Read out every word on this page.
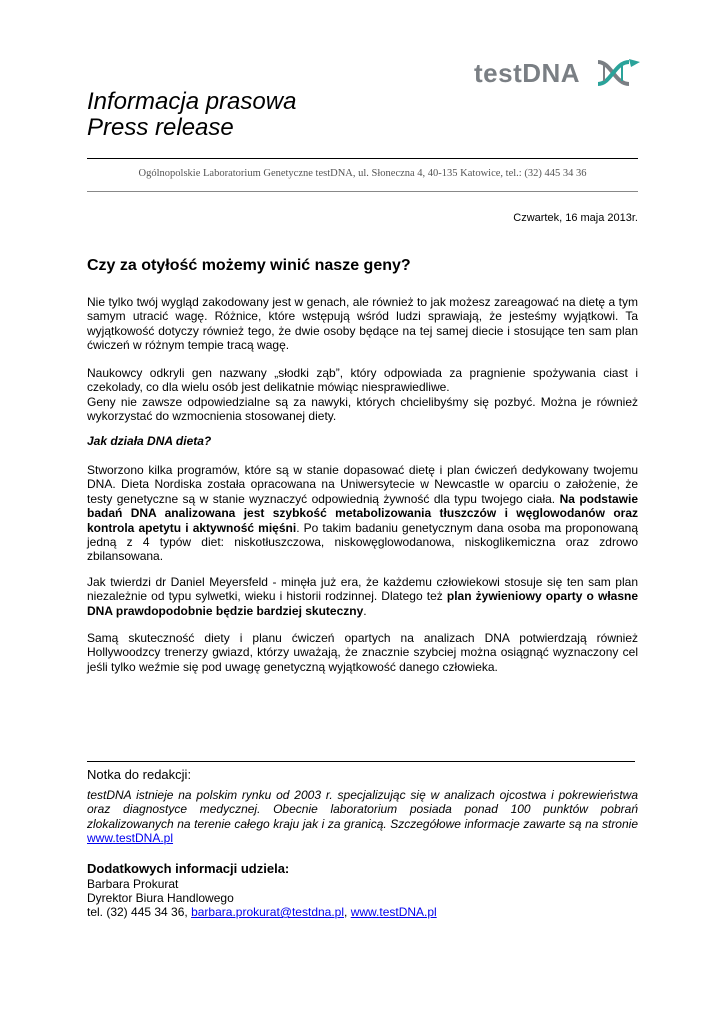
testDNA
Informacja prasowa
Press release
Ogólnopolskie Laboratorium Genetyczne testDNA, ul. Słoneczna 4, 40-135 Katowice, tel.: (32) 445 34 36
Czwartek, 16 maja 2013r.
Czy za otyłość możemy winić nasze geny?

Nie tylko twój wygląd zakodowany jest w genach, ale również to jak możesz zareagować na dietę a tym samym utracić wagę. Różnice, które wstępują wśród ludzi sprawiają, że jesteśmy wyjątkowi. Ta wyjątkowość dotyczy również tego, że dwie osoby będące na tej samej diecie i stosujące ten sam plan ćwiczeń w różnym tempie tracą wagę.

Naukowcy odkryli gen nazwany „słodki ząb”, który odpowiada za pragnienie spożywania ciast i czekolady, co dla wielu osób jest delikatnie mówiąc niesprawiedliwe.

Geny nie zawsze odpowiedzialne są za nawyki, których chcielibyśmy się pozbyć. Można je również wykorzystać do wzmocnienia stosowanej diety.

Jak działa DNA dieta?

Stworzono kilka programów, które są w stanie dopasować dietę i plan ćwiczeń dedykowany twojemu DNA. Dieta Nordiska została opracowana na Uniwersytecie w Newcastle w oparciu o założenie, że testy genetyczne są w stanie wyznaczyć odpowiednią żywność dla typu twojego ciała. Na podstawie badań DNA analizowana jest szybkość metabolizowania tłuszczów i węglowodanów oraz kontrola apetytu i aktywność mięśni. Po takim badaniu genetycznym dana osoba ma proponowaną jedną z 4 typów diet: niskotłuszczowa, niskowęglowodanowa, niskoglikemiczna oraz zdrowo zbilansowana.

Jak twierdzi dr Daniel Meyersfeld - minęła już era, że każdemu człowiekowi stosuje się ten sam plan niezależnie od typu sylwetki, wieku i historii rodzinnej. Dlatego też plan żywieniowy oparty o własne DNA prawdopodobnie będzie bardziej skuteczny.

Samą skuteczność diety i planu ćwiczeń opartych na analizach DNA potwierdzają również Hollywoodzcy trenerzy gwiazd, którzy uważają, że znacznie szybciej można osiągnąć wyznaczony cel jeśli tylko weźmie się pod uwagę genetyczną wyjątkowość danego człowieka.

Notka do redakcji:
testDNA istnieje na polskim rynku od 2003 r. specjalizując się w analizach ojcostwa i pokrewieństwa oraz diagnostyce medycznej. Obecnie laboratorium posiada ponad 100 punktów pobrań zlokalizowanych na terenie całego kraju jak i za granicą. Szczegółowe informacje zawarte są na stronie www.testDNA.pl
Dodatkowych informacji udziela:
Barbara Prokurat
Dyrektor Biura Handlowego
tel. (32) 445 34 36, barbara.prokurat@testdna.pl, www.testDNA.pl
